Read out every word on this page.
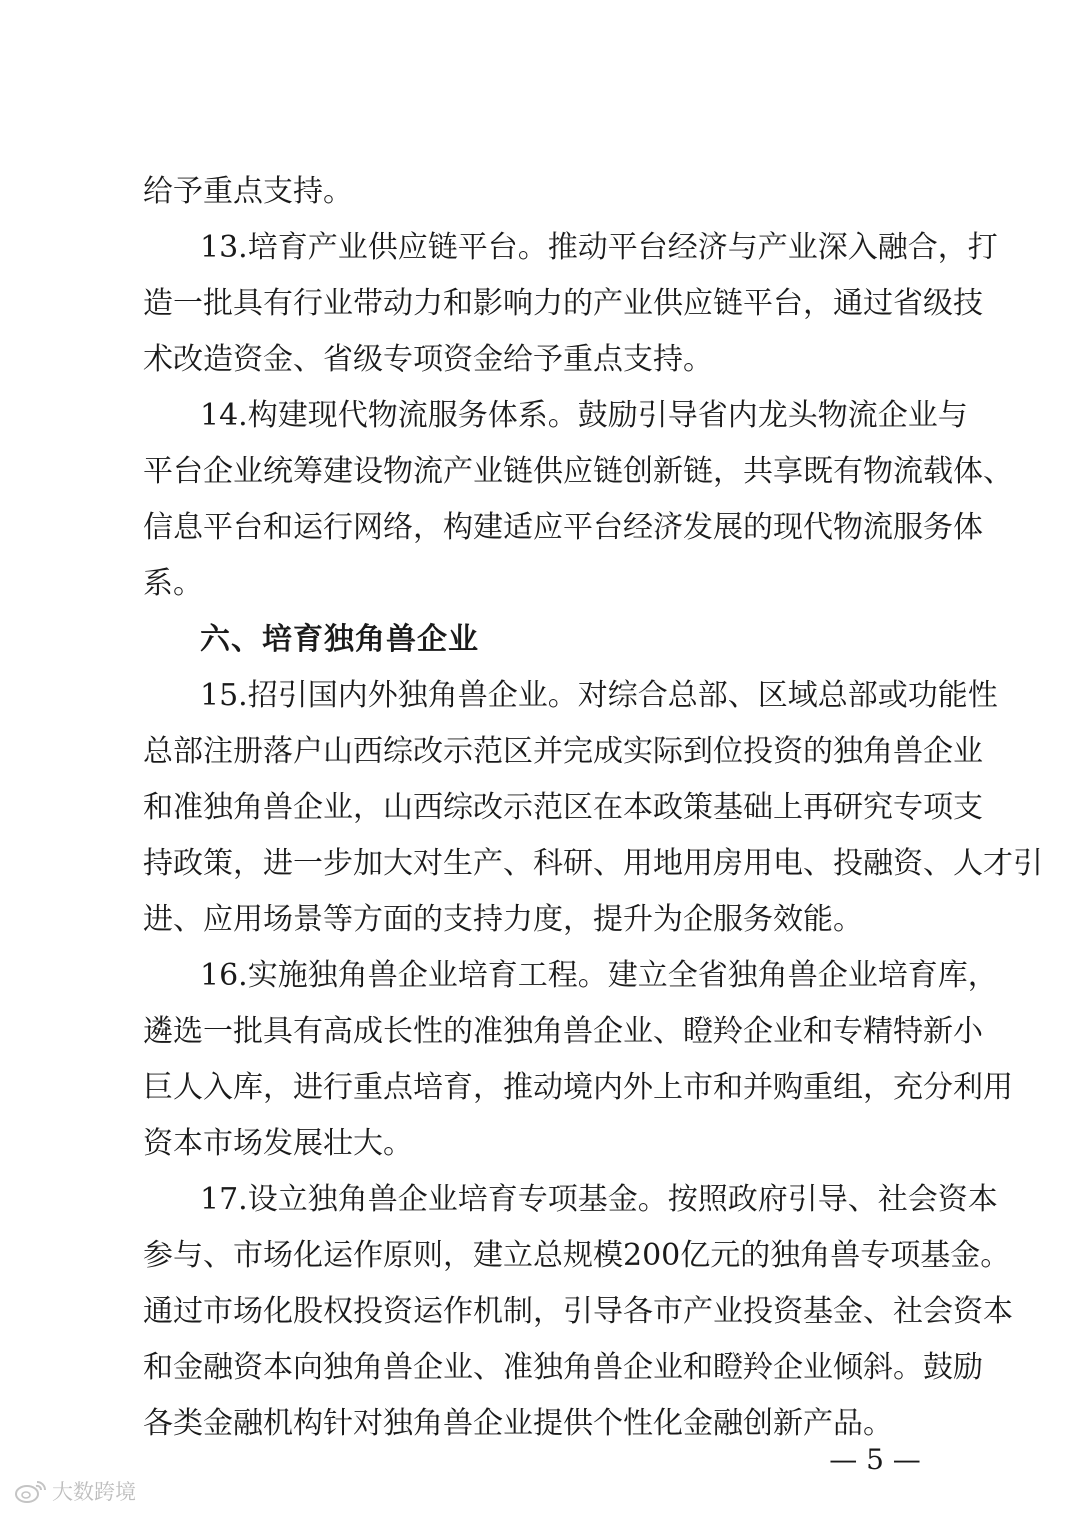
给予重点支持。
13.培育产业供应链平台。推动平台经济与产业深入融合，打
造一批具有行业带动力和影响力的产业供应链平台，通过省级技
术改造资金、省级专项资金给予重点支持。
14.构建现代物流服务体系。鼓励引导省内龙头物流企业与
平台企业统筹建设物流产业链供应链创新链，共享既有物流载体、
信息平台和运行网络，构建适应平台经济发展的现代物流服务体
系。
六、培育独角兽企业
15.招引国内外独角兽企业。对综合总部、区域总部或功能性
总部注册落户山西综改示范区并完成实际到位投资的独角兽企业
和准独角兽企业，山西综改示范区在本政策基础上再研究专项支
持政策，进一步加大对生产、科研、用地用房用电、投融资、人才引
进、应用场景等方面的支持力度，提升为企服务效能。
16.实施独角兽企业培育工程。建立全省独角兽企业培育库，
遴选一批具有高成长性的准独角兽企业、瞪羚企业和专精特新小
巨人入库，进行重点培育，推动境内外上市和并购重组，充分利用
资本市场发展壮大。
17.设立独角兽企业培育专项基金。按照政府引导、社会资本
参与、市场化运作原则，建立总规模200亿元的独角兽专项基金。
通过市场化股权投资运作机制，引导各市产业投资基金、社会资本
和金融资本向独角兽企业、准独角兽企业和瞪羚企业倾斜。鼓励
各类金融机构针对独角兽企业提供个性化金融创新产品。
— 5 —
大数跨境
